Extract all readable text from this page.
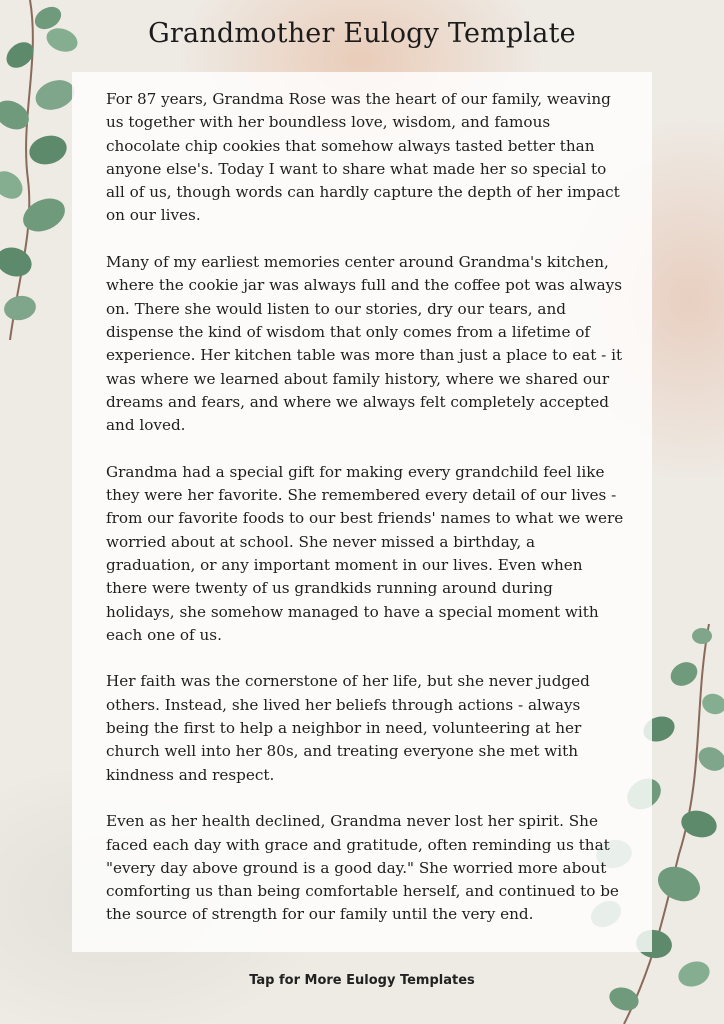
Grandmother Eulogy Template

For 87 years, Grandma Rose was the heart of our family, weaving us together with her boundless love, wisdom, and famous chocolate chip cookies that somehow always tasted better than anyone else's. Today I want to share what made her so special to all of us, though words can hardly capture the depth of her impact on our lives.

Many of my earliest memories center around Grandma's kitchen, where the cookie jar was always full and the coffee pot was always on. There she would listen to our stories, dry our tears, and dispense the kind of wisdom that only comes from a lifetime of experience. Her kitchen table was more than just a place to eat - it was where we learned about family history, where we shared our dreams and fears, and where we always felt completely accepted and loved.

Grandma had a special gift for making every grandchild feel like they were her favorite. She remembered every detail of our lives - from our favorite foods to our best friends' names to what we were worried about at school. She never missed a birthday, a graduation, or any important moment in our lives. Even when there were twenty of us grandkids running around during holidays, she somehow managed to have a special moment with each one of us.

Her faith was the cornerstone of her life, but she never judged others. Instead, she lived her beliefs through actions - always being the first to help a neighbor in need, volunteering at her church well into her 80s, and treating everyone she met with kindness and respect.

Even as her health declined, Grandma never lost her spirit. She faced each day with grace and gratitude, often reminding us that "every day above ground is a good day." She worried more about comforting us than being comfortable herself, and continued to be the source of strength for our family until the very end.

Tap for More Eulogy Templates
